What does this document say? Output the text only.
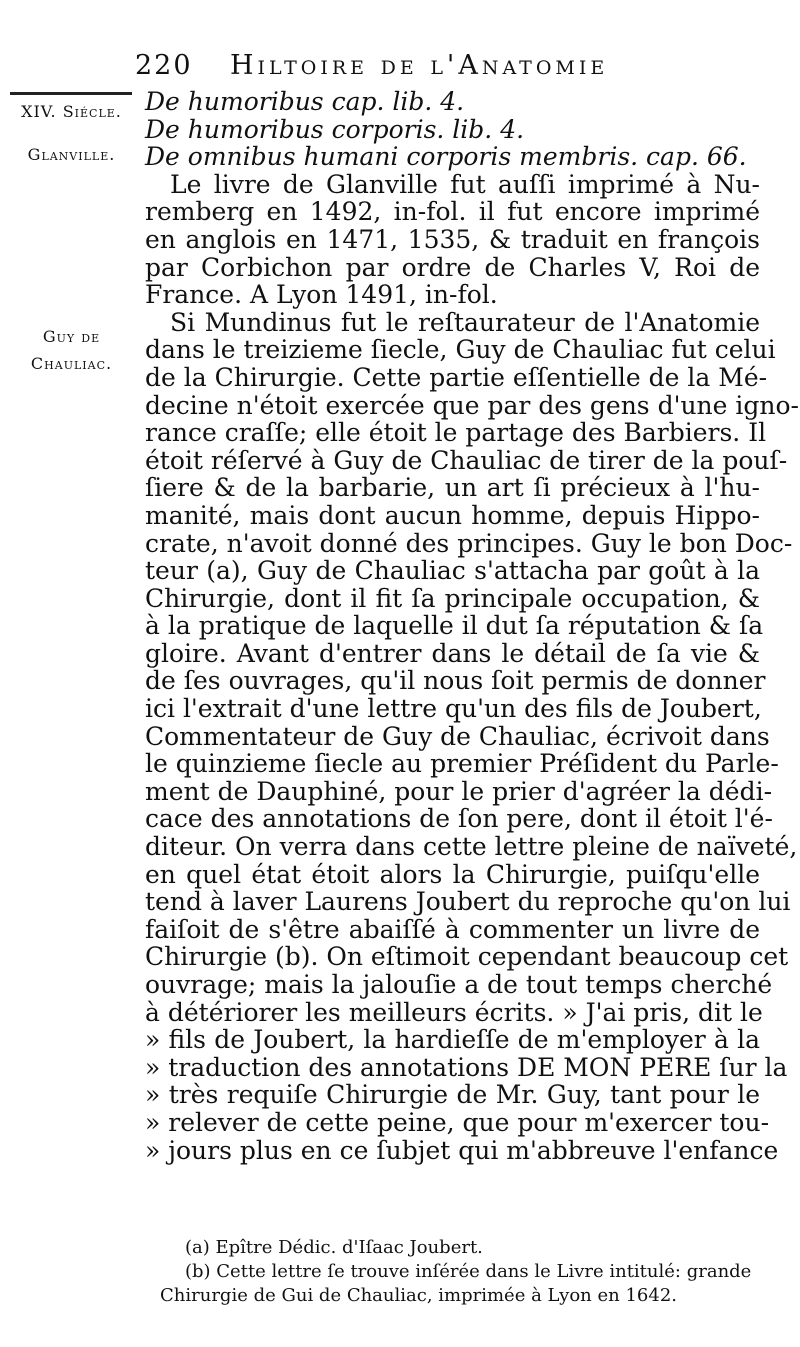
220 Hiltoire de l'Anatomie
XIV. Siécle.
Glanville.
Guy de
Chauliac.
De humoribus cap. lib. 4.
De humoribus corporis. lib. 4.
De omnibus humani corporis membris. cap. 66.
Le livre de Glanville fut auſſi imprimé à Nu-
remberg en 1492, in-fol. il fut encore imprimé
en anglois en 1471, 1535, & traduit en françois
par Corbichon par ordre de Charles V, Roi de
France. A Lyon 1491, in-fol.
Si Mundinus fut le reſtaurateur de l'Anatomie
dans le treizieme ſiecle, Guy de Chauliac fut celui
de la Chirurgie. Cette partie eſſentielle de la Mé-
decine n'étoit exercée que par des gens d'une igno-
rance craſſe; elle étoit le partage des Barbiers. Il
étoit réſervé à Guy de Chauliac de tirer de la pouſ-
ſiere & de la barbarie, un art ſi précieux à l'hu-
manité, mais dont aucun homme, depuis Hippo-
crate, n'avoit donné des principes. Guy le bon Doc-
teur (a), Guy de Chauliac s'attacha par goût à la
Chirurgie, dont il fit ſa principale occupation, &
à la pratique de laquelle il dut ſa réputation & ſa
gloire. Avant d'entrer dans le détail de ſa vie &
de ſes ouvrages, qu'il nous ſoit permis de donner
ici l'extrait d'une lettre qu'un des fils de Joubert,
Commentateur de Guy de Chauliac, écrivoit dans
le quinzieme ſiecle au premier Préſident du Parle-
ment de Dauphiné, pour le prier d'agréer la dédi-
cace des annotations de ſon pere, dont il étoit l'é-
diteur. On verra dans cette lettre pleine de naïveté,
en quel état étoit alors la Chirurgie, puiſqu'elle
tend à laver Laurens Joubert du reproche qu'on lui
faiſoit de s'être abaiſſé à commenter un livre de
Chirurgie (b). On eſtimoit cependant beaucoup cet
ouvrage; mais la jalouſie a de tout temps cherché
à détériorer les meilleurs écrits. » J'ai pris, dit le
» fils de Joubert, la hardieſſe de m'employer à la
» traduction des annotations DE MON PERE ſur la
» très requiſe Chirurgie de Mr. Guy, tant pour le
» relever de cette peine, que pour m'exercer tou-
» jours plus en ce ſubjet qui m'abbreuve l'enfance
(a) Epître Dédic. d'Iſaac Joubert.
(b) Cette lettre ſe trouve inſérée dans le Livre intitulé: grande
Chirurgie de Gui de Chauliac, imprimée à Lyon en 1642.
